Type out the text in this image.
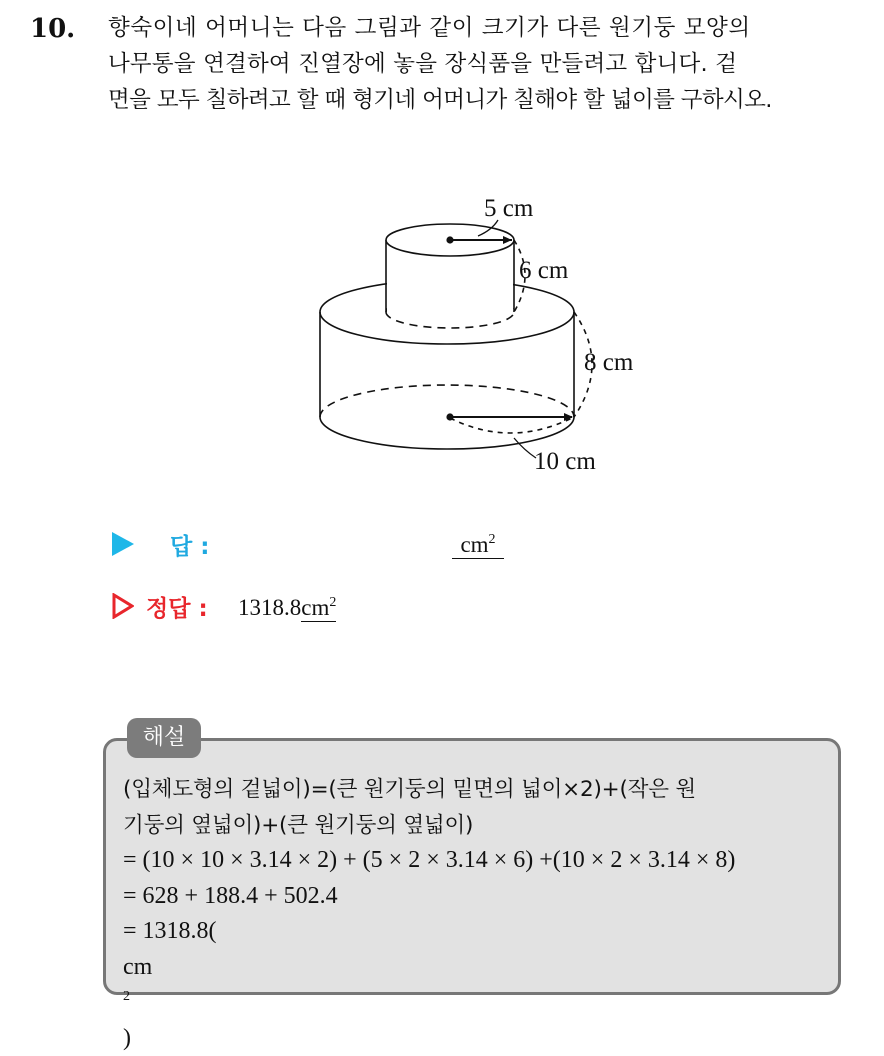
10. 향숙이네 어머니는 다음 그림과 같이 크기가 다른 원기둥 모양의
나무통을 연결하여 진열장에 놓을 장식품을 만들려고 합니다. 겉
면을 모두 칠하려고 할 때 형기네 어머니가 칠해야 할 넓이를 구하시오.
5 cm
6 cm
8 cm
10 cm
답 :	$cm^2$
정답 : $1318.8cm^2$
해설
(입체도형의 겉넓이)=(큰 원기둥의 밑면의 넓이×2)+(작은 원
기둥의 옆넓이)+(큰 원기둥의 옆넓이)
= (10 × 10 × 3.14 × 2) + (5 × 2 × 3.14 × 6) +(10 × 2 × 3.14 × 8)
= 628 + 188.4 + 502.4
= 1318.8(
cm
$^2$
)
